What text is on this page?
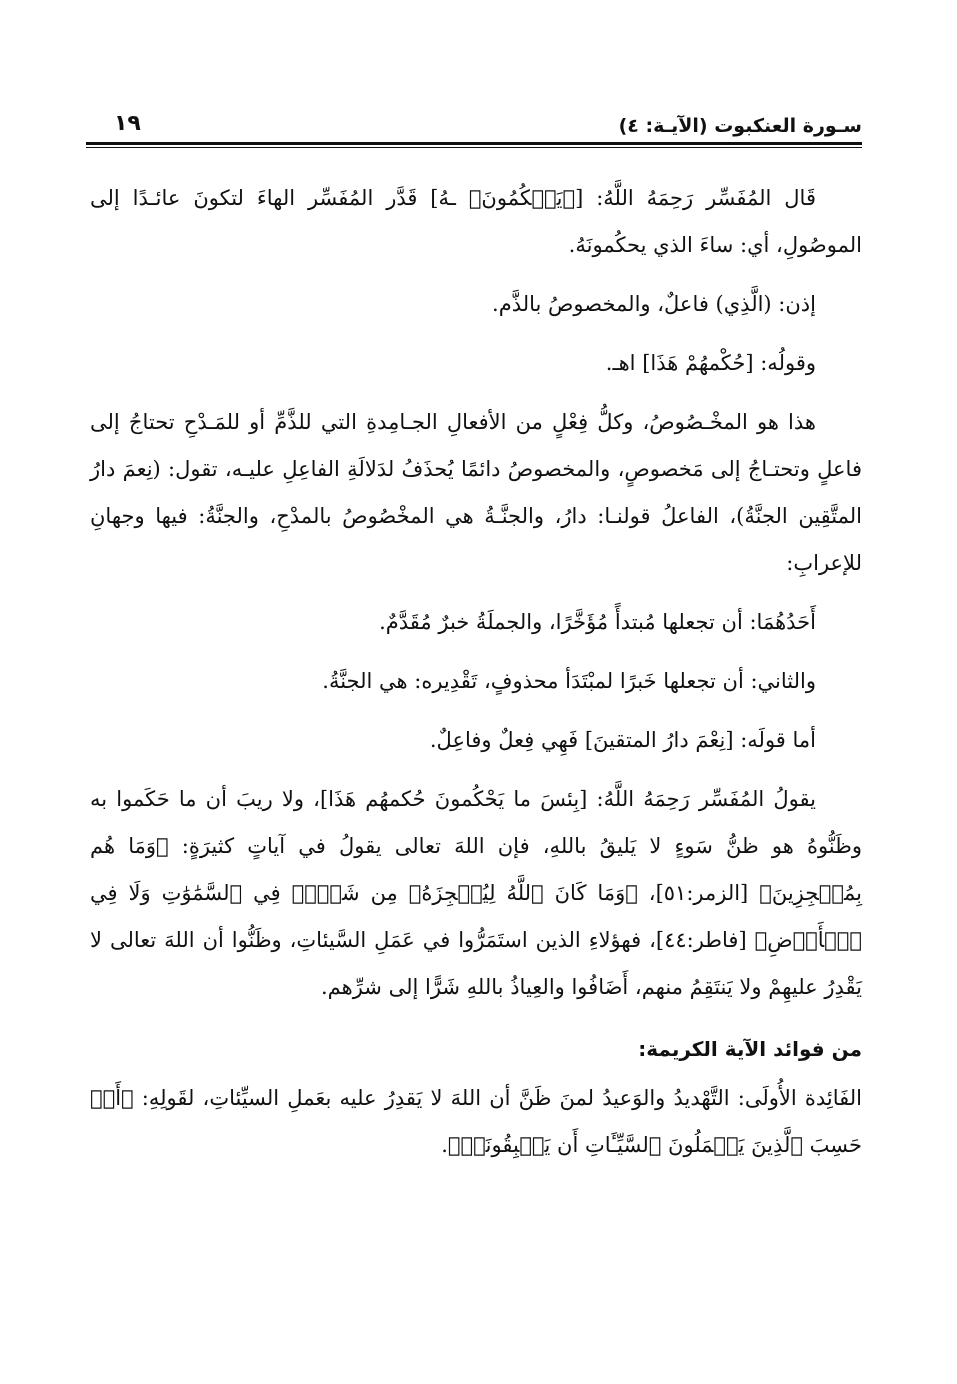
سـورة العنكبوت (الآيـة: ٤)
١٩

قَال المُفَسِّر رَحِمَهُ اللَّهُ: [﴿يَحۡكُمُونَ﴾ ـهُ] قَدَّر المُفَسِّر الهاءَ لتكونَ عائـدًا إلى الموصُولِ، أي: ساءَ الذي يحكُمونَهُ.

إذن: (الَّذِي) فاعلٌ، والمخصوصُ بالذَّم.

وقولُه: [حُكْمهُمْ هَذَا] اهـ.

هذا هو المخْـصُوصُ، وكلُّ فِعْلٍ من الأفعالِ الجـامِدةِ التي للذَّمِّ أو للمَـدْحِ تحتاجُ إلى فاعلٍ وتحتـاجُ إلى مَخصوصٍ، والمخصوصُ دائمًا يُحذَفُ لدَلالَةِ الفاعِلِ عليـه، تقول: (نِعمَ دارُ المتَّقِين الجنَّةُ)، الفاعلُ قولنـا: دارُ، والجنَّـةُ هي المخْصُوصُ بالمدْحِ، والجنَّةُ: فيها وجهانِ للإعرابِ:

أَحَدُهُمَا: أن تجعلها مُبتدأً مُؤَخَّرًا، والجملَةُ خبرٌ مُقَدَّمٌ.

والثاني: أن تجعلها خَبرًا لمبْتَدَأ محذوفٍ، تَقْدِيره: هي الجنَّةُ.

أما قولَه: [نِعْمَ دارُ المتقينَ] فَهِي فِعلٌ وفاعِلٌ.

يقولُ المُفَسِّر رَحِمَهُ اللَّهُ: [بِئسَ ما يَحْكُمونَ حُكمهُم هَذَا]، ولا ريبَ أن ما حَكَموا به وظَنُّوهُ هو ظنُّ سَوءٍ لا يَليقُ باللهِ، فإن اللهَ تعالى يقولُ في آياتٍ كثيرَةٍ: ﴿وَمَا هُم بِمُعۡجِزِينَ﴾ [الزمر:٥١]، ﴿وَمَا كَانَ ٱللَّهُ لِيُعۡجِزَهُۥ مِن شَيۡءٖ فِي ٱلسَّمَٰوَٰتِ وَلَا فِي ٱلۡأَرۡضِ﴾ [فاطر:٤٤]، فهؤلاءِ الذين استَمَرُّوا في عَمَلِ السَّيئاتِ، وظَنُّوا أن اللهَ تعالى لا يَقْدِرُ عليهِمْ ولا يَنتَقِمُ منهم، أَضَافُوا والعِياذُ باللهِ شَرًّا إلى شرِّهم.

من فوائد الآية الكريمة:

الفَائِدة الأُولَى: التَّهْديدُ والوَعيدُ لمنَ ظَنَّ أن اللهَ لا يَقدِرُ عليه بعَملِ السيِّئاتِ، لقَولِهِ: ﴿أَمۡ حَسِبَ ٱلَّذِينَ يَعۡمَلُونَ ٱلسَّيِّـَٔاتِ أَن يَسۡبِقُونَاۚ﴾.
